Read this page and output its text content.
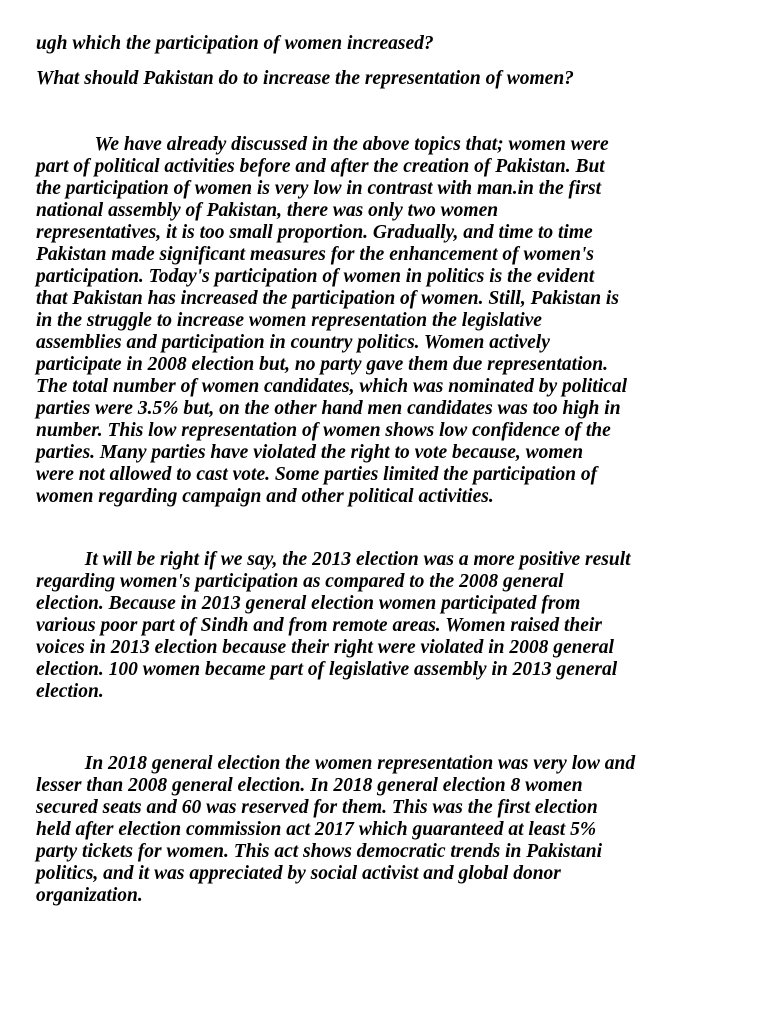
ugh which the participation of women increased?

What should Pakistan do to increase the representation of women?

We have already discussed in the above topics that; women were
part of political activities before and after the creation of Pakistan. But
the participation of women is very low in contrast with man.in the first
national assembly of Pakistan, there was only two women
representatives, it is too small proportion. Gradually, and time to time
Pakistan made significant measures for the enhancement of women's
participation. Today's participation of women in politics is the evident
that Pakistan has increased the participation of women. Still, Pakistan is
in the struggle to increase women representation the legislative
assemblies and participation in country politics. Women actively
participate in 2008 election but, no party gave them due representation.
The total number of women candidates, which was nominated by political
parties were 3.5% but, on the other hand men candidates was too high in
number. This low representation of women shows low confidence of the
parties. Many parties have violated the right to vote because, women
were not allowed to cast vote. Some parties limited the participation of
women regarding campaign and other political activities.
It will be right if we say, the 2013 election was a more positive result
regarding women's participation as compared to the 2008 general
election. Because in 2013 general election women participated from
various poor part of Sindh and from remote areas. Women raised their
voices in 2013 election because their right were violated in 2008 general
election. 100 women became part of legislative assembly in 2013 general
election.
In 2018 general election the women representation was very low and
lesser than 2008 general election. In 2018 general election 8 women
secured seats and 60 was reserved for them. This was the first election
held after election commission act 2017 which guaranteed at least 5%
party tickets for women. This act shows democratic trends in Pakistani
politics, and it was appreciated by social activist and global donor
organization.
